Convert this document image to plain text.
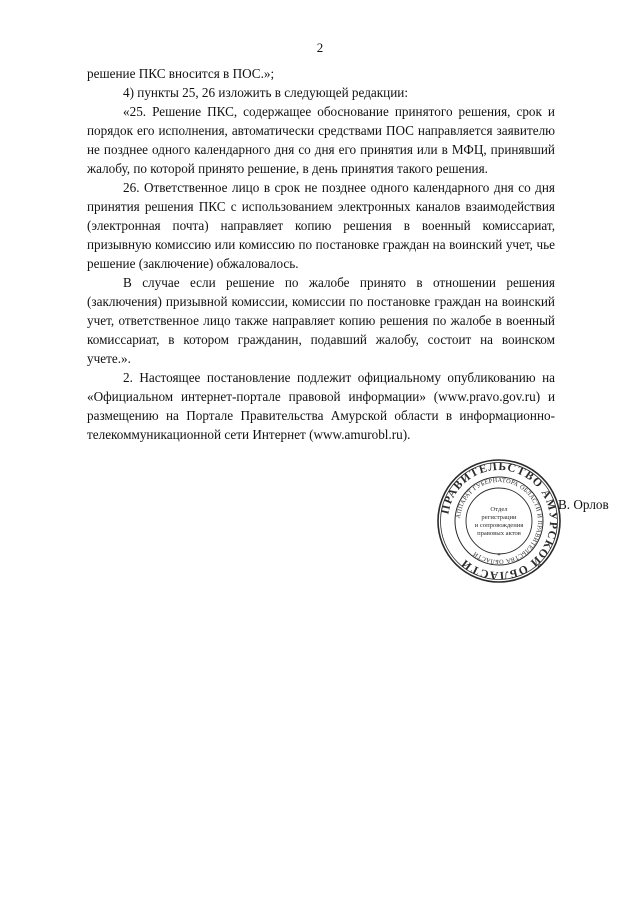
2

решение ПКС вносится в ПОС.»;

4) пункты 25, 26 изложить в следующей редакции:

«25. Решение ПКС, содержащее обоснование принятого решения, срок и порядок его исполнения, автоматически средствами ПОС направляется заявителю не позднее одного календарного дня со дня его принятия или в МФЦ, принявший жалобу, по которой принято решение, в день принятия такого решения.

26. Ответственное лицо в срок не позднее одного календарного дня со дня принятия решения ПКС с использованием электронных каналов взаимодействия (электронная почта) направляет копию решения в военный комиссариат, призывную комиссию или комиссию по постановке граждан на воинский учет, чье решение (заключение) обжаловалось.

В случае если решение по жалобе принято в отношении решения (заключения) призывной комиссии, комиссии по постановке граждан на воинский учет, ответственное лицо также направляет копию решения по жалобе в военный комиссариат, в котором гражданин, подавший жалобу, состоит на воинском учете.».

2. Настоящее постановление подлежит официальному опубликованию на «Официальном интернет-портале правовой информации» (www.pravo.gov.ru) и размещению на Портале Правительства Амурской области в информационно-телекоммуникационной сети Интернет (www.amurobl.ru).

ПРАВИТЕЛЬСТВО АМУРСКОЙ ОБЛАСТИ
АППАРАТ ГУБЕРНАТОРА ОБЛАСТИ И ПРАВИТЕЛЬСТВА ОБЛАСТИ
Отдел
регистрации
и сопровождения
правовых актов
*
В. Орлов
